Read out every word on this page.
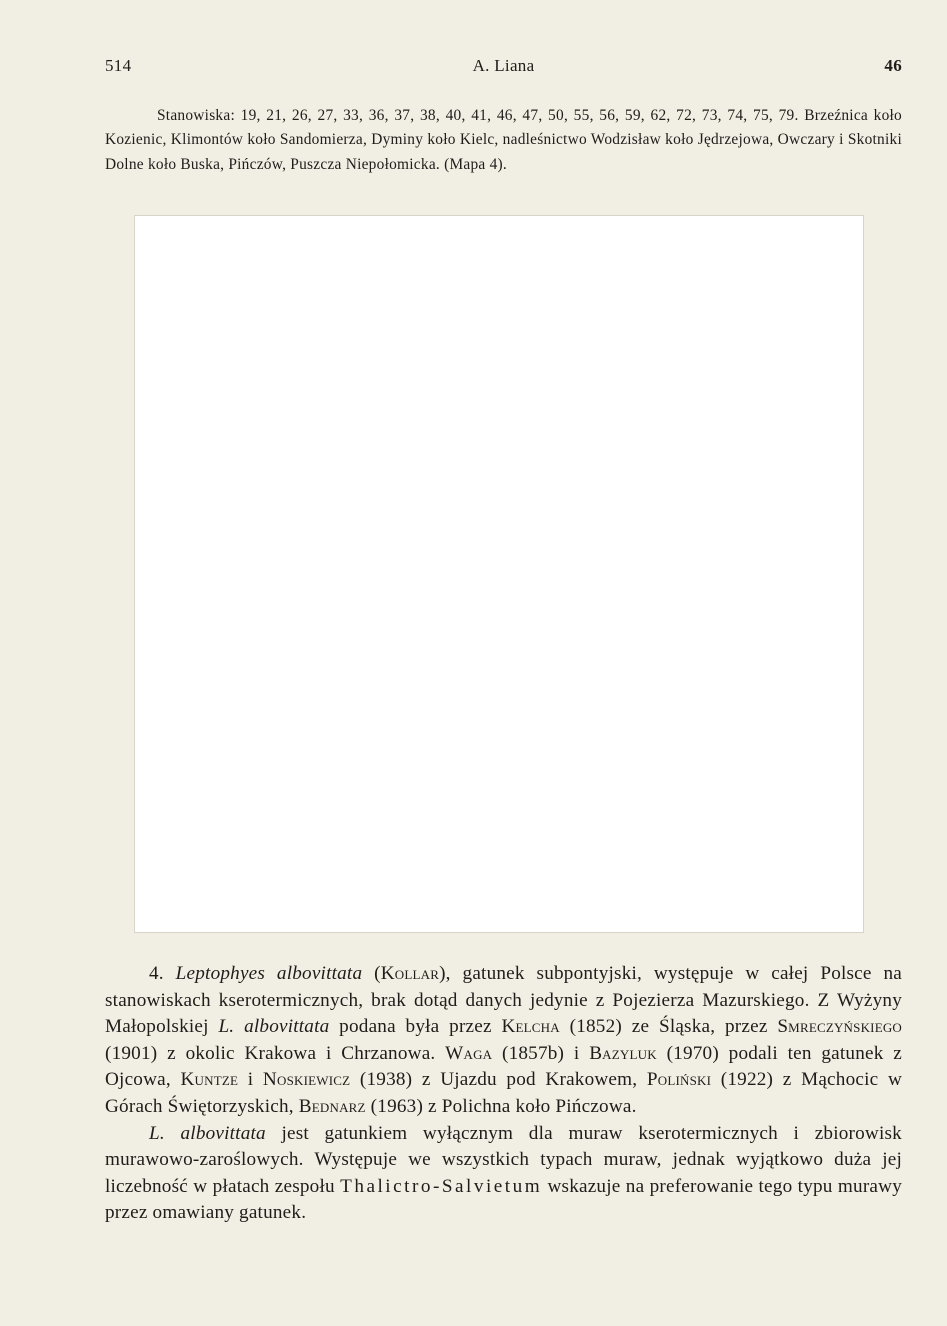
514	A. Liana	46

Stanowiska: 19, 21, 26, 27, 33, 36, 37, 38, 40, 41, 46, 47, 50, 55, 56, 59, 62, 72, 73, 74, 75, 79. Brzeźnica koło Kozienic, Klimontów koło Sandomierza, Dyminy koło Kielc, nadleśnictwo Wodzisław koło Jędrzejowa, Owczary i Skotniki Dolne koło Buska, Pińczów, Puszcza Niepołomicka. (Mapa 4).

4. Leptophyes albovittata (Kollar), gatunek subpontyjski, występuje w całej Polsce na stanowiskach kserotermicznych, brak dotąd danych jedynie z Pojezierza Mazurskiego. Z Wyżyny Małopolskiej L. albovittata podana była przez Kelcha (1852) ze Śląska, przez Smreczyńskiego (1901) z okolic Krakowa i Chrzanowa. Waga (1857b) i Bazyluk (1970) podali ten gatunek z Ojcowa, Kuntze i Noskiewicz (1938) z Ujazdu pod Krakowem, Poliński (1922) z Mąchocic w Górach Świętorzyskich, Bednarz (1963) z Polichna koło Pińczowa.

L. albovittata jest gatunkiem wyłącznym dla muraw kserotermicznych i zbiorowisk murawowo-zaroślowych. Występuje we wszystkich typach muraw, jednak wyjątkowo duża jej liczebność w płatach zespołu Thalictro-Salvietum wskazuje na preferowanie tego typu murawy przez omawiany gatunek.
